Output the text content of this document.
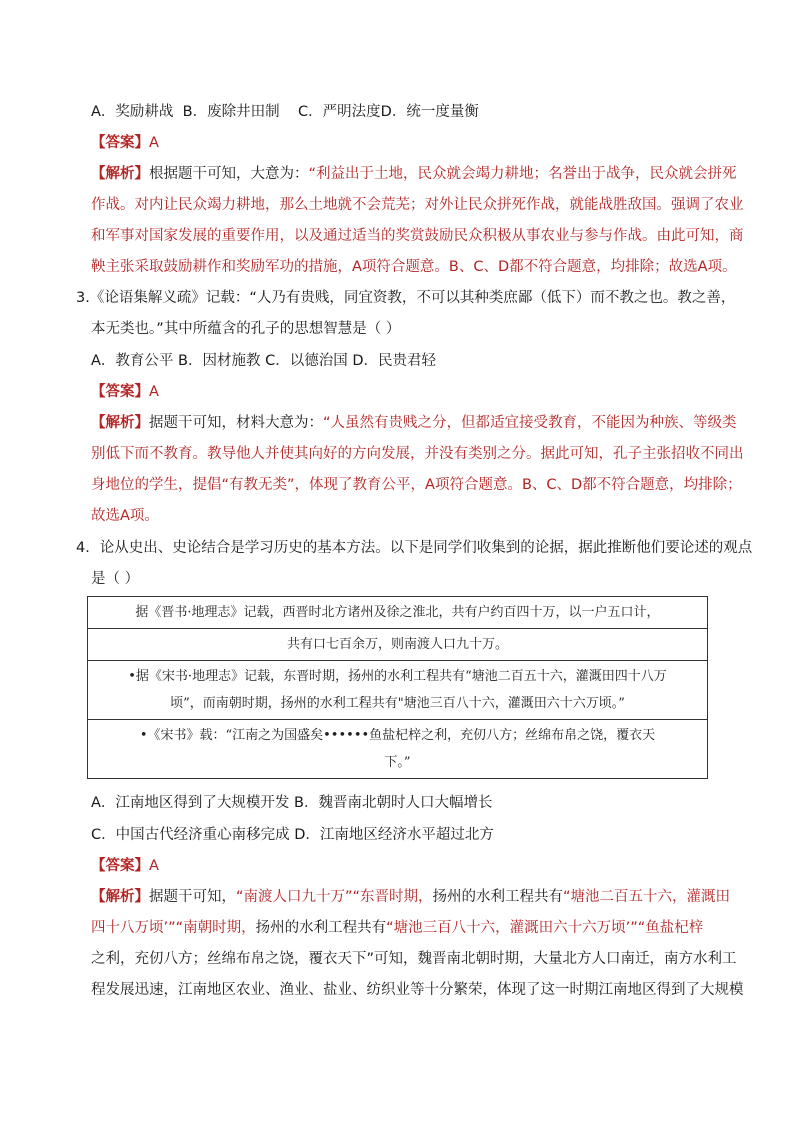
A．奖励耕战 B．废除井田制 C．严明法度D．统一度量衡
【答案】A
【解析】根据题干可知，大意为：“利益出于土地，民众就会竭力耕地；名誉出于战争，民众就会拼死
作战。对内让民众竭力耕地，那么土地就不会荒芜；对外让民众拼死作战，就能战胜敌国。强调了农业
和军事对国家发展的重要作用，以及通过适当的奖赏鼓励民众积极从事农业与参与作战。由此可知，商
鞅主张采取鼓励耕作和奖励军功的措施，A项符合题意。B、C、D都不符合题意，均排除；故选A项。
3.《论语集解义疏》记载：“人乃有贵贱，同宜资教，不可以其种类庶鄙（低下）而不教之也。教之善，
本无类也。”其中所蕴含的孔子的思想智慧是（ ）
A．教育公平 B．因材施教 C．以德治国 D．民贵君轻
【答案】A
【解析】据题干可知，材料大意为：“人虽然有贵贱之分，但都适宜接受教育，不能因为种族、等级类
别低下而不教育。教导他人并使其向好的方向发展，并没有类别之分。据此可知，孔子主张招收不同出
身地位的学生，提倡“有教无类”，体现了教育公平，A项符合题意。B、C、D都不符合题意，均排除；
故选A项。
4．论从史出、史论结合是学习历史的基本方法。以下是同学们收集到的论据，据此推断他们要论述的观点
是（ ）
据《晋书·地理志》记载，西晋时北方诸州及徐之淮北，共有户约百四十万，以一户五口计，

共有口七百余万，则南渡人口九十万。

•据《宋书·地理志》记载，东晋时期，扬州的水利工程共有“塘池二百五十六，灌溉田四十八万
顷”，而南朝时期，扬州的水利工程共有"塘池三百八十六，灌溉田六十六万顷。”

•《宋书》载：“江南之为国盛矣••••••鱼盐杞梓之利，充仞八方；丝绵布帛之饶，覆衣天
下。”
A．江南地区得到了大规模开发 B．魏晋南北朝时人口大幅增长
C．中国古代经济重心南移完成 D．江南地区经济水平超过北方
【答案】A
【解析】据题干可知，“南渡人口九十万”“东晋时期，扬州的水利工程共有“塘池二百五十六，灌溉田
四十八万顷’”“南朝时期，扬州的水利工程共有“塘池三百八十六，灌溉田六十六万顷’”“鱼盐杞梓
之利，充仞八方；丝绵布帛之饶，覆衣天下”可知，魏晋南北朝时期，大量北方人口南迁，南方水利工
程发展迅速，江南地区农业、渔业、盐业、纺织业等十分繁荣，体现了这一时期江南地区得到了大规模
